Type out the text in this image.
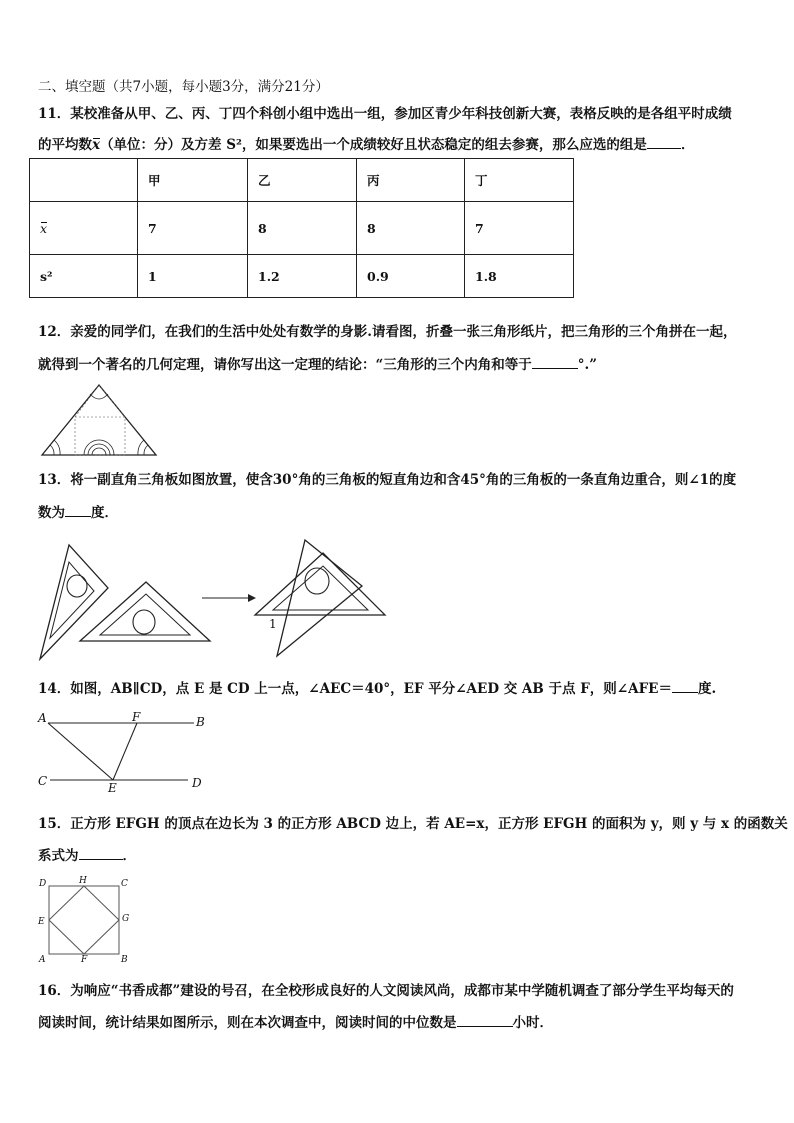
二、填空题（共7小题，每小题3分，满分21分）
11．某校准备从甲、乙、丙、丁四个科创小组中选出一组，参加区青少年科技创新大赛，表格反映的是各组平时成绩
的平均数x（单位：分）及方差 S²，如果要选出一个成绩较好且状态稳定的组去参赛，那么应选的组是	．
	甲	乙	丙	丁
x	7	8	8	7
s²	1	1.2	0.9	1.8
12．亲爱的同学们，在我们的生活中处处有数学的身影.请看图，折叠一张三角形纸片，把三角形的三个角拼在一起，
就得到一个著名的几何定理，请你写出这一定理的结论：“三角形的三个内角和等于	°.”
13．将一副直角三角板如图放置，使含30°角的三角板的短直角边和含45°角的三角板的一条直角边重合，则∠1的度
数为 度．
1
14．如图，AB∥CD，点 E 是 CD 上一点，∠AEC＝40°，EF 平分∠AED 交 AB 于点 F，则∠AFE＝ 度.
A	F	B
C	E	D
15．正方形 EFGH 的顶点在边长为 3 的正方形 ABCD 边上，若 AE=x，正方形 EFGH 的面积为 y，则 y 与 x 的函数关
系式为	．
D	H	C
E	G
A	F	B
16．为响应“书香成都”建设的号召，在全校形成良好的人文阅读风尚，成都市某中学随机调查了部分学生平均每天的
阅读时间，统计结果如图所示，则在本次调查中，阅读时间的中位数是	小时．
